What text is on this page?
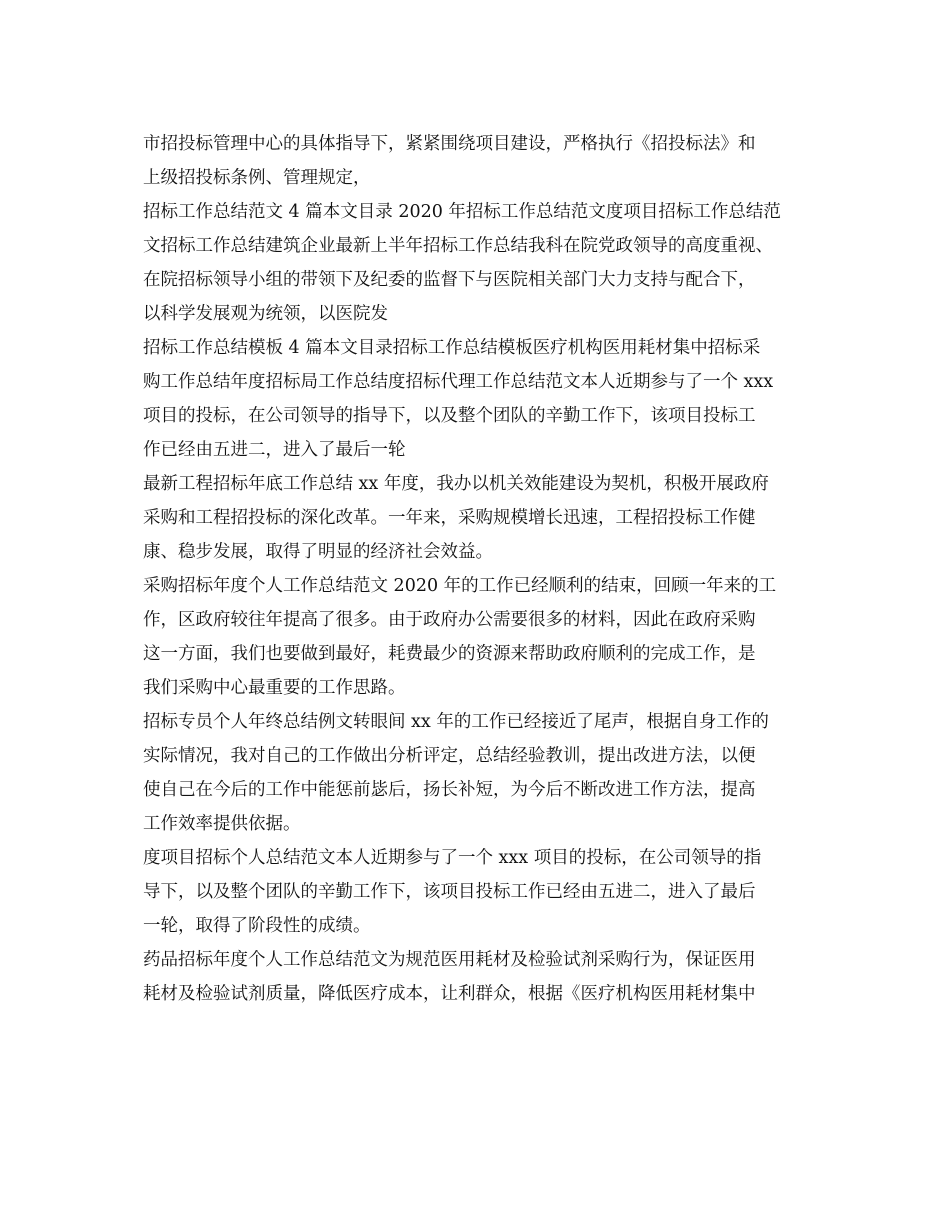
市招投标管理中心的具体指导下，紧紧围绕项目建设，严格执行《招投标法》和
上级招投标条例、管理规定，
招标工作总结范文 4 篇本文目录 2020 年招标工作总结范文度项目招标工作总结范
文招标工作总结建筑企业最新上半年招标工作总结我科在院党政领导的高度重视、
在院招标领导小组的带领下及纪委的监督下与医院相关部门大力支持与配合下，
以科学发展观为统领，以医院发
招标工作总结模板 4 篇本文目录招标工作总结模板医疗机构医用耗材集中招标采
购工作总结年度招标局工作总结度招标代理工作总结范文本人近期参与了一个 xxx
项目的投标，在公司领导的指导下，以及整个团队的辛勤工作下，该项目投标工
作已经由五进二，进入了最后一轮
最新工程招标年底工作总结 xx 年度，我办以机关效能建设为契机，积极开展政府
采购和工程招投标的深化改革。一年来，采购规模增长迅速，工程招投标工作健
康、稳步发展，取得了明显的经济社会效益。
采购招标年度个人工作总结范文 2020 年的工作已经顺利的结束，回顾一年来的工
作，区政府较往年提高了很多。由于政府办公需要很多的材料，因此在政府采购
这一方面，我们也要做到最好，耗费最少的资源来帮助政府顺利的完成工作，是
我们采购中心最重要的工作思路。
招标专员个人年终总结例文转眼间 xx 年的工作已经接近了尾声，根据自身工作的
实际情况，我对自己的工作做出分析评定，总结经验教训，提出改进方法，以便
使自己在今后的工作中能惩前毖后，扬长补短，为今后不断改进工作方法，提高
工作效率提供依据。
度项目招标个人总结范文本人近期参与了一个 xxx 项目的投标，在公司领导的指
导下，以及整个团队的辛勤工作下，该项目投标工作已经由五进二，进入了最后
一轮，取得了阶段性的成绩。
药品招标年度个人工作总结范文为规范医用耗材及检验试剂采购行为，保证医用
耗材及检验试剂质量，降低医疗成本，让利群众，根据《医疗机构医用耗材集中
